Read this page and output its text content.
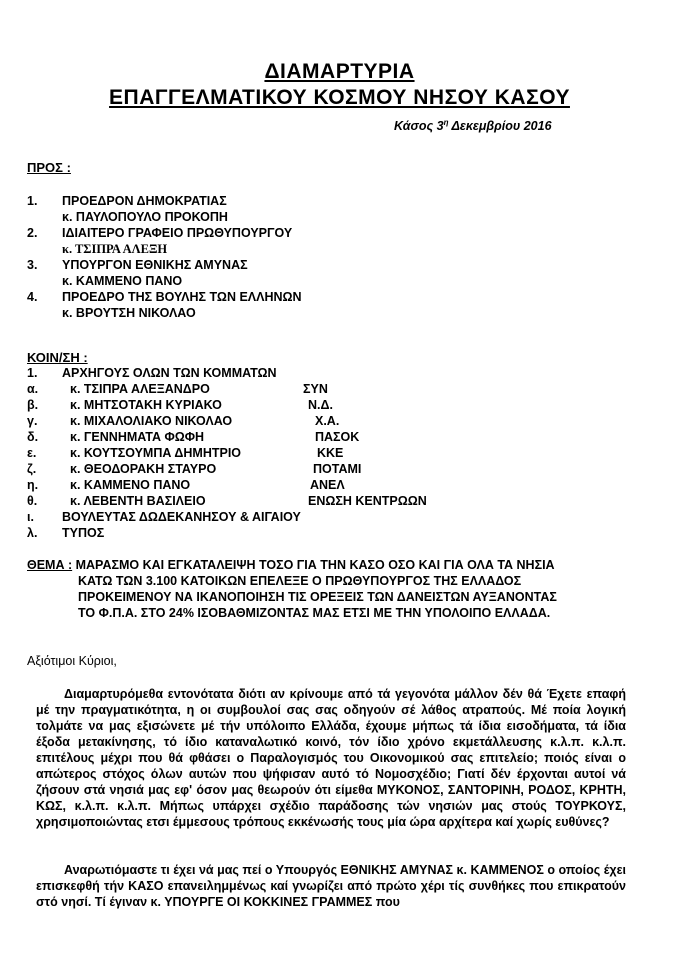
ΔΙΑΜΑΡΤΥΡΙΑ
ΕΠΑΓΓΕΛΜΑΤΙΚΟΥ ΚΟΣΜΟΥ ΝΗΣΟΥ ΚΑΣΟΥ
Κάσος $3^\eta$ Δεκεμβρίου 2016
ΠΡΟΣ :
1. ΠΡΟΕΔΡΟΝ ΔΗΜΟΚΡΑΤΙΑΣ
κ. ΠΑΥΛΟΠΟΥΛΟ ΠΡΟΚΟΠΗ
2. ΙΔΙΑΙΤΕΡΟ ΓΡΑΦΕΙΟ ΠΡΩΘΥΠΟΥΡΓΟΥ
κ. ΤΣΙΠΡΑ ΑΛΕΞΗ
3. ΥΠΟΥΡΓΟΝ ΕΘΝΙΚΗΣ ΑΜΥΝΑΣ
κ. ΚΑΜΜΕΝΟ ΠΑΝΟ
4. ΠΡΟΕΔΡΟ ΤΗΣ ΒΟΥΛΗΣ ΤΩΝ ΕΛΛΗΝΩΝ
κ. ΒΡΟΥΤΣΗ ΝΙΚΟΛΑΟ
ΚΟΙΝ/ΣΗ :
1. ΑΡΧΗΓΟΥΣ ΟΛΩΝ ΤΩΝ ΚΟΜΜΑΤΩΝ
α.	κ. ΤΣΙΠΡΑ ΑΛΕΞΑΝΔΡΟ	ΣΥΝ
β.	κ. ΜΗΤΣΟΤΑΚΗ ΚΥΡΙΑΚΟ	Ν.Δ.
γ.	κ. ΜΙΧΑΛΟΛΙΑΚΟ ΝΙΚΟΛΑΟ	Χ.Α.
δ.	κ. ΓΕΝΝΗΜΑΤΑ ΦΩΦΗ	ΠΑΣΟΚ
ε.	κ. ΚΟΥΤΣΟΥΜΠΑ ΔΗΜΗΤΡΙΟ	ΚΚΕ
ζ.	κ. ΘΕΟΔΟΡΑΚΗ ΣΤΑΥΡΟ	ΠΟΤΑΜΙ
η.	κ. ΚΑΜΜΕΝΟ ΠΑΝΟ	ΑΝΕΛ
θ.	κ. ΛΕΒΕΝΤΗ ΒΑΣΙΛΕΙΟ	ΕΝΩΣΗ ΚΕΝΤΡΩΩΝ
ι. ΒΟΥΛΕΥΤΑΣ ΔΩΔΕΚΑΝΗΣΟΥ & ΑΙΓΑΙΟΥ
λ. ΤΥΠΟΣ
ΘΕΜΑ : ΜΑΡΑΣΜΟ ΚΑΙ ΕΓΚΑΤΑΛΕΙΨΗ ΤΟΣΟ ΓΙΑ ΤΗΝ ΚΑΣΟ ΟΣΟ ΚΑΙ ΓΙΑ ΟΛΑ ΤΑ ΝΗΣΙΑ
ΚΑΤΩ ΤΩΝ 3.100 ΚΑΤΟΙΚΩΝ ΕΠΕΛΕΞΕ Ο ΠΡΩΘΥΠΟΥΡΓΟΣ ΤΗΣ ΕΛΛΑΔΟΣ
ΠΡΟΚΕΙΜΕΝΟΥ ΝΑ ΙΚΑΝΟΠΟΙΗΣΗ ΤΙΣ ΟΡΕΞΕΙΣ ΤΩΝ ΔΑΝΕΙΣΤΩΝ ΑΥΞΑΝΟΝΤΑΣ
ΤΟ Φ.Π.Α. ΣΤΟ 24% ΙΣΟΒΑΘΜΙΖΟΝΤΑΣ ΜΑΣ ΕΤΣΙ ΜΕ ΤΗΝ ΥΠΟΛΟΙΠΟ ΕΛΛΑΔΑ.
Αξιότιμοι Κύριοι,

Διαμαρτυρόμεθα εντονότατα διότι αν κρίνουμε από τά γεγονότα μάλλον δέν θά Έχετε επαφή μέ την πραγματικότητα, η οι συμβουλοί σας σας οδηγούν σέ λάθος ατραπούς. Μέ ποία λογική τολμάτε να μας εξισώνετε μέ τήν υπόλοιπο Ελλάδα, έχουμε μήπως τά ίδια εισοδήματα, τά ίδια έξοδα μετακίνησης, τό ίδιο καταναλωτικό κοινό, τόν ίδιο χρόνο εκμετάλλευσης κ.λ.π. κ.λ.π. επιτέλους μέχρι που θά φθάσει ο Παραλογισμός του Οικονομικού σας επιτελείο; ποιός είναι ο απώτερος στόχος όλων αυτών που ψήφισαν αυτό τό Νομοσχέδιο; Γιατί δέν έρχονται αυτοί νά ζήσουν στά νησιά μας εφ' όσον μας θεωρούν ότι είμεθα ΜΥΚΟΝΟΣ, ΣΑΝΤΟΡΙΝΗ, ΡΟΔΟΣ, ΚΡΗΤΗ, ΚΩΣ, κ.λ.π. κ.λ.π. Μήπως υπάρχει σχέδιο παράδοσης τών νησιών μας στούς ΤΟΥΡΚΟΥΣ, χρησιμοποιώντας ετσι έμμεσους τρόπους εκκένωσής τους μία ώρα αρχίτερα καί χωρίς ευθύνες?

Αναρωτιόμαστε τι έχει νά μας πεί ο Υπουργός ΕΘΝΙΚΗΣ ΑΜΥΝΑΣ κ. ΚΑΜΜΕΝΟΣ ο οποίος έχει επισκεφθή τήν ΚΑΣΟ επανειλημμένως καί γνωρίζει από πρώτο χέρι τίς συνθήκες που επικρατούν στό νησί. Τί έγιναν κ. ΥΠΟΥΡΓΕ ΟΙ ΚΟΚΚΙΝΕΣ ΓΡΑΜΜΕΣ που
